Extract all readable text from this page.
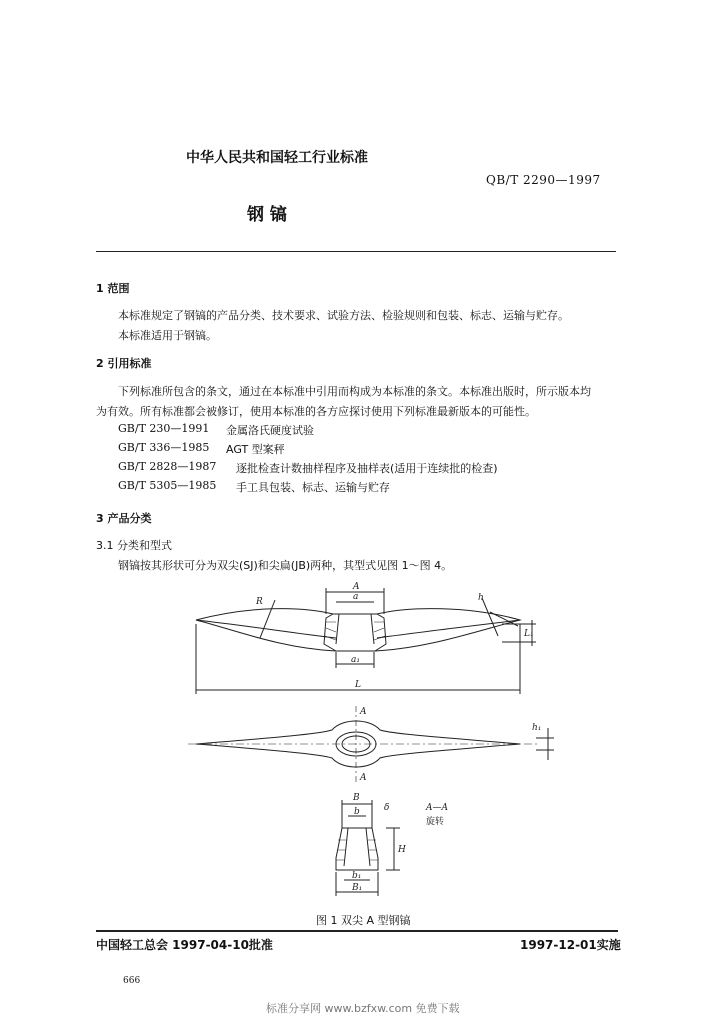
中华人民共和国轻工行业标准
QB/T 2290—1997
钢 镐
1 范围
本标准规定了钢镐的产品分类、技术要求、试验方法、检验规则和包装、标志、运输与贮存。
本标准适用于钢镐。
2 引用标准
下列标准所包含的条文，通过在本标准中引用而构成为本标准的条文。本标准出版时，所示版本均
为有效。所有标准都会被修订，使用本标准的各方应探讨使用下列标准最新版本的可能性。
GB/T 230—1991 金属洛氏硬度试验
GB/T 336—1985 AGT 型案秤
GB/T 2828—1987 逐批检查计数抽样程序及抽样表(适用于连续批的检查)
GB/T 5305—1985 手工具包装、标志、运输与贮存
3 产品分类
3.1 分类和型式
钢镐按其形状可分为双尖(SJ)和尖扁(JB)两种，其型式见图 1～图 4。
A
a
a₁
L
R	h
L₁
A
A
h₁
B
b	δ
H
b₁
B₁
A—A
旋转
图 1 双尖 A 型钢镐
中国轻工总会 1997-04-10批准	1997-12-01实施
666
标准分享网 www.bzfxw.com 免费下载
